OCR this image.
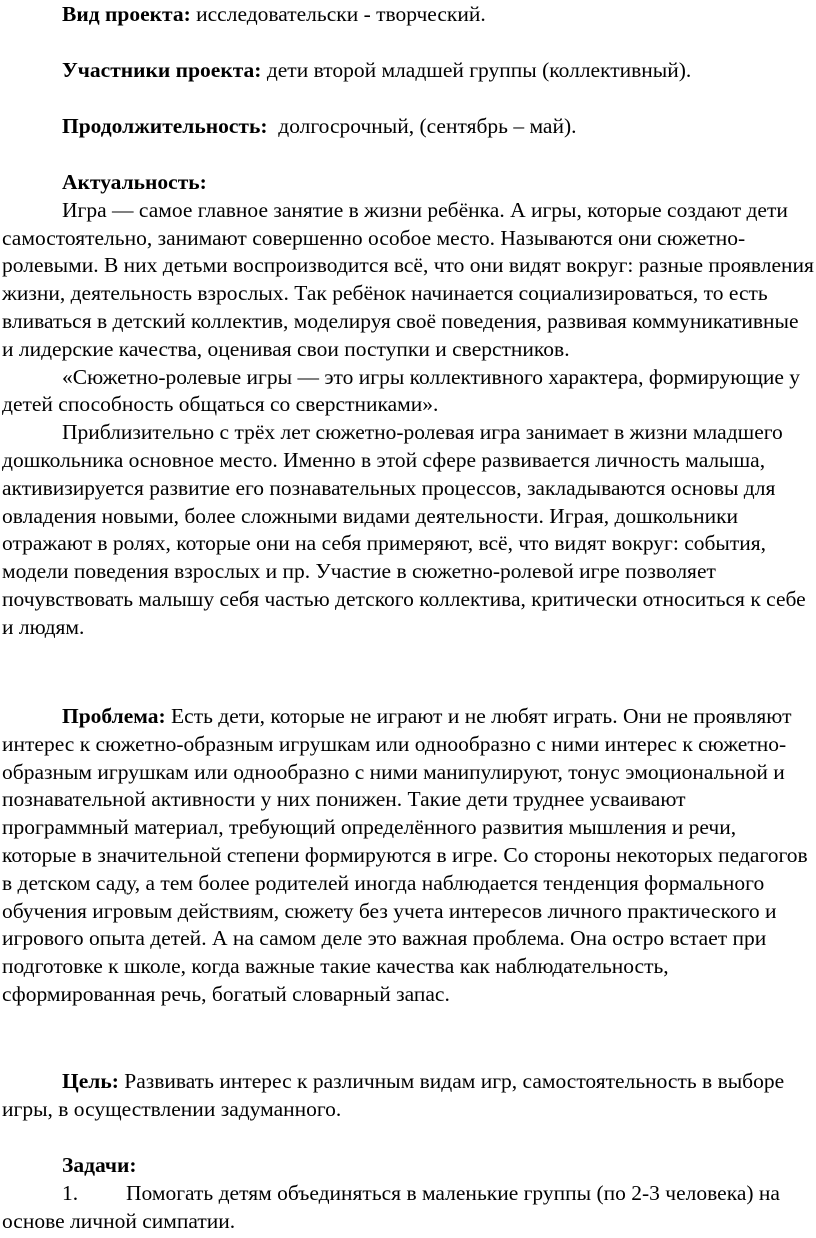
Вид проекта: исследовательски - творческий.

Участники проекта: дети второй младшей группы (коллективный).

Продолжительность:  долгосрочный, (сентябрь – май).

Актуальность:

Игра — самое главное занятие в жизни ребёнка. А игры, которые создают дети самостоятельно, занимают совершенно особое место. Называются они сюжетно-ролевыми. В них детьми воспроизводится всё, что они видят вокруг: разные проявления жизни, деятельность взрослых. Так ребёнок начинается социализироваться, то есть вливаться в детский коллектив, моделируя своё поведения, развивая коммуникативные и лидерские качества, оценивая свои поступки и сверстников.

«Сюжетно-ролевые игры — это игры коллективного характера, формирующие у детей способность общаться со сверстниками».

Приблизительно с трёх лет сюжетно-ролевая игра занимает в жизни младшего дошкольника основное место. Именно в этой сфере развивается личность малыша, активизируется развитие его познавательных процессов, закладываются основы для овладения новыми, более сложными видами деятельности. Играя, дошкольники отражают в ролях, которые они на себя примеряют, всё, что видят вокруг: события, модели поведения взрослых и пр. Участие в сюжетно-ролевой игре позволяет почувствовать малышу себя частью детского коллектива, критически относиться к себе и людям.

Проблема: Есть дети, которые не играют и не любят играть. Они не проявляют интерес к сюжетно-образным игрушкам или однообразно с ними интерес к сюжетно-образным игрушкам или однообразно с ними манипулируют, тонус эмоциональной и познавательной активности у них понижен. Такие дети труднее усваивают программный материал, требующий определённого развития мышления и речи, которые в значительной степени формируются в игре. Со стороны некоторых педагогов в детском саду, а тем более родителей иногда наблюдается тенденция формального обучения игровым действиям, сюжету без учета интересов личного практического и игрового опыта детей. А на самом деле это важная проблема. Она остро встает при подготовке к школе, когда важные такие качества как наблюдательность, сформированная речь, богатый словарный запас.

Цель: Развивать интерес к различным видам игр, самостоятельность в выборе игры, в осуществлении задуманного.

Задачи:

1. Помогать детям объединяться в маленькие группы (по 2-3 человека) на основе личной симпатии.
